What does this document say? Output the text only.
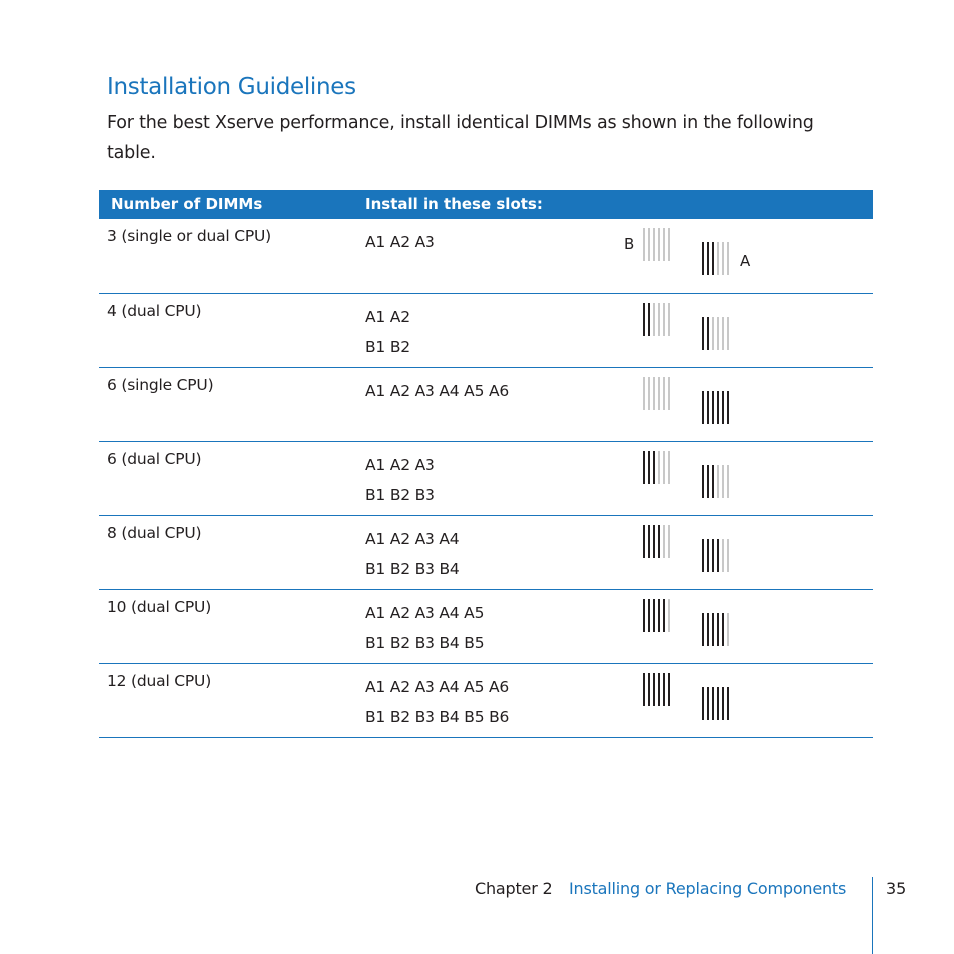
Installation Guidelines

For the best Xserve performance, install identical DIMMs as shown in the following table.

Number of DIMMs	Install in these slots:
3 (single or dual CPU)	A1 A2 A3	B
A
4 (dual CPU)	A1 A2
B1 B2
6 (single CPU)	A1 A2 A3 A4 A5 A6
6 (dual CPU)	A1 A2 A3
B1 B2 B3
8 (dual CPU)	A1 A2 A3 A4
B1 B2 B3 B4
10 (dual CPU)	A1 A2 A3 A4 A5
B1 B2 B3 B4 B5
12 (dual CPU)	A1 A2 A3 A4 A5 A6
B1 B2 B3 B4 B5 B6
Chapter 2 Installing or Replacing Components 35
